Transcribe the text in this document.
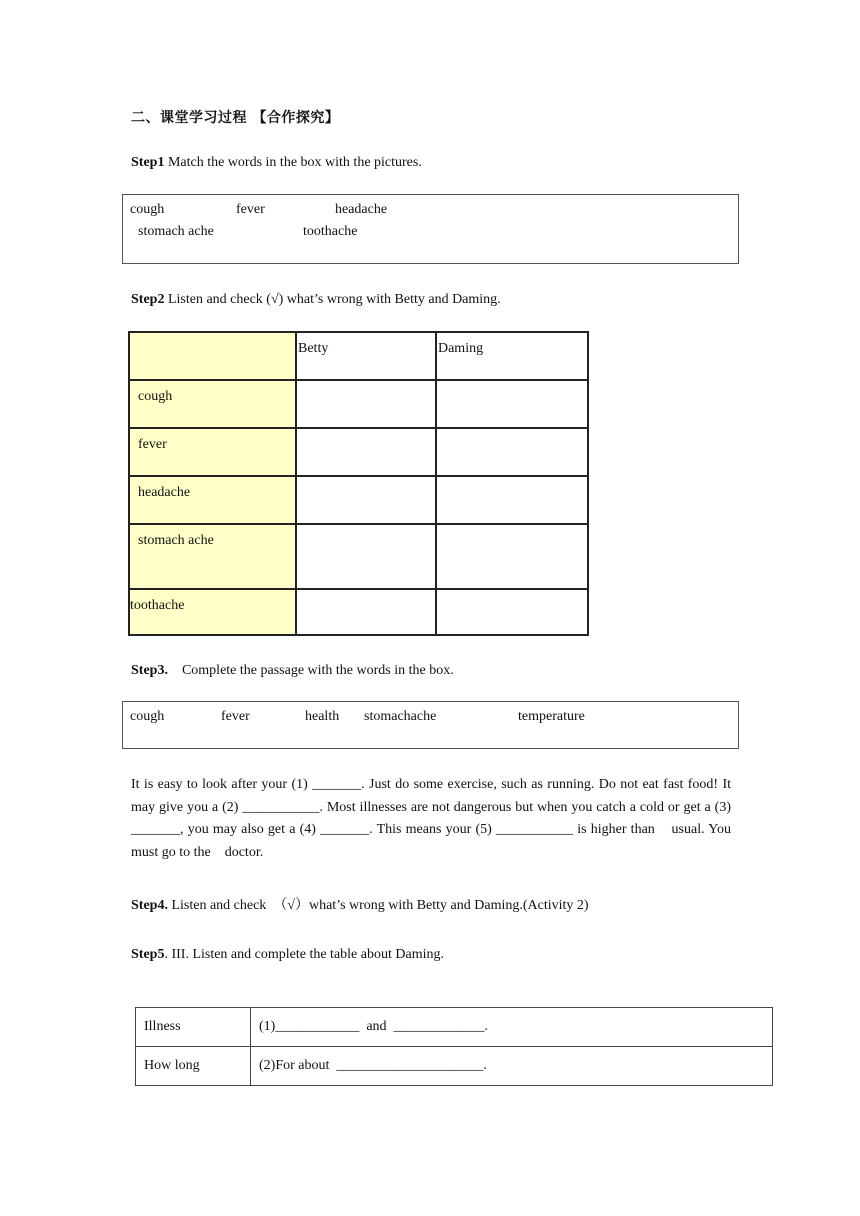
二、课堂学习过程 【合作探究】
Step1 Match the words in the box with the pictures.
cough	fever	headache
stomach ache	toothache
Step2 Listen and check (√) what’s wrong with Betty and Daming.
	Betty	Daming
cough		
fever		
headache		
stomach ache		
toothache		
Step3.    Complete the passage with the words in the box.
cough	fever	health stomachache	temperature
It is easy to look after your (1) _______. Just do some exercise, such as running. Do not eat fast food! It may give you a (2) ___________. Most illnesses are not dangerous but when you catch a cold or get a (3) _______, you may also get a (4) _______. This means your (5) ___________ is higher than    usual. You must go to the    doctor.
Step4. Listen and check  （√）what’s wrong with Betty and Daming.(Activity 2)
Step5. III. Listen and complete the table about Daming.
Illness	(1)____________  and  _____________.
How long	(2)For about  _____________________.
